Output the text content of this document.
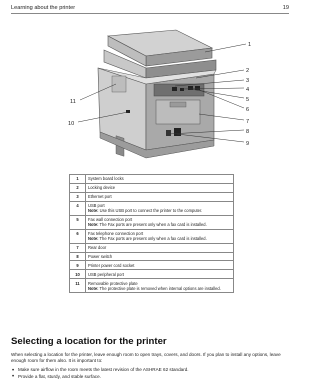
Learning about the printer	19
1
2
3
4
5
6
7
8
9
10
11
1	System board locks
2	Locking device
3	Ethernet port
4	USB port
Note: Use this USB port to connect the printer to the computer.

5	Fax wall connection port
Note: The Fax ports are present only when a fax card is installed.

6	Fax telephone connection port
Note: The Fax ports are present only when a fax card is installed.

7	Rear door
8	Power switch
9	Printer power cord socket
10	USB peripheral port
11	Removable protective plate
Note: The protective plate is removed when internal options are installed.
Selecting a location for the printer
When selecting a location for the printer, leave enough room to open trays, covers, and doors. If you plan to install any options, leave enough room for them also. It is important to:
• Make sure airflow in the room meets the latest revision of the ASHRAE 62 standard.
• Provide a flat, sturdy, and stable surface.
